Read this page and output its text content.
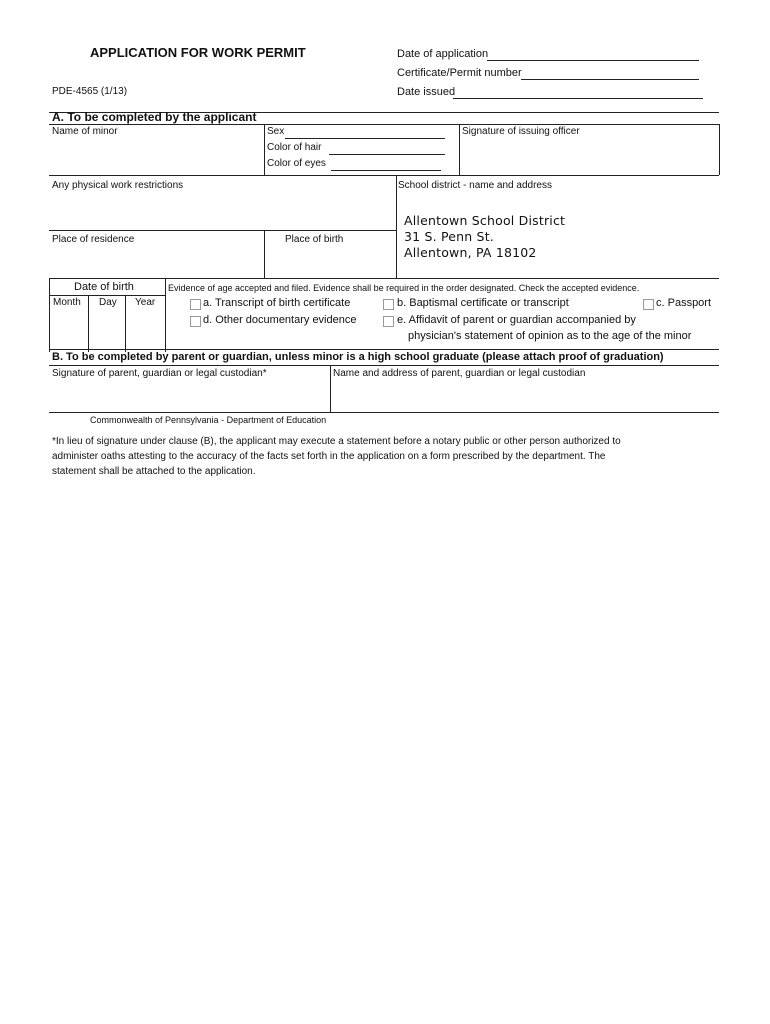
APPLICATION FOR WORK PERMIT
PDE-4565 (1/13)
Date of application
Certificate/Permit number
Date issued
A. To be completed by the applicant
Name of minor	Sex
Color of hair
Color of eyes
Signature of issuing officer
Any physical work restrictions	School district - name and address
Allentown School District
31 S. Penn St.
Allentown, PA 18102
Place of residence	Place of birth
Date of birth
Month Day Year
Evidence of age accepted and filed. Evidence shall be required in the order designated. Check the accepted evidence.
a. Transcript of birth certificate	b. Baptismal certificate or transcript	c. Passport
d. Other documentary evidence	e. Affidavit of parent or guardian accompanied by
physician's statement of opinion as to the age of the minor
B. To be completed by parent or guardian, unless minor is a high school graduate (please attach proof of graduation)
Signature of parent, guardian or legal custodian*	Name and address of parent, guardian or legal custodian
Commonwealth of Pennsylvania - Department of Education
*In lieu of signature under clause (B), the applicant may execute a statement before a notary public or other person authorized to
administer oaths attesting to the accuracy of the facts set forth in the application on a form prescribed by the department. The
statement shall be attached to the application.
